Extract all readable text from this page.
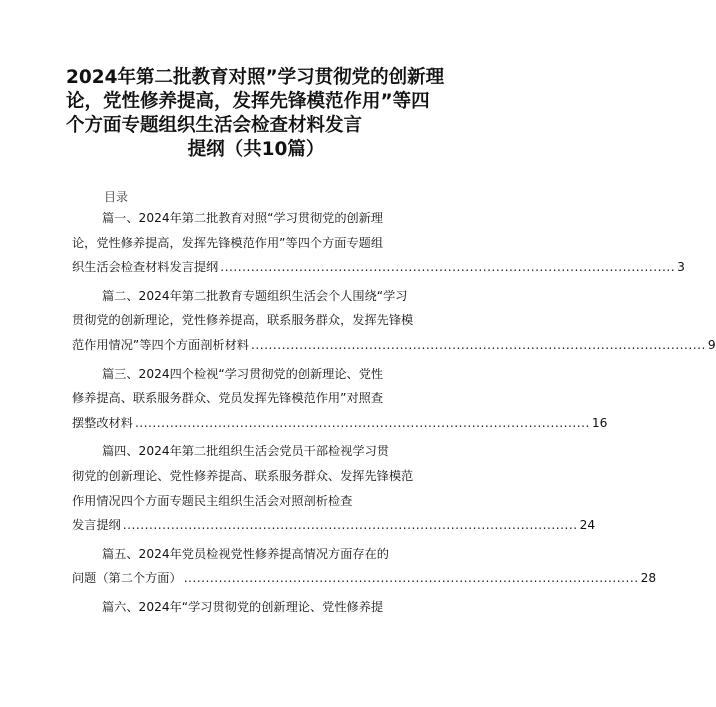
2024年第二批教育对照”学习贯彻党的创新理
论，党性修养提高，发挥先锋模范作用”等四
个方面专题组织生活会检查材料发言
提纲（共10篇）
目录
篇一、2024年第二批教育对照“学习贯彻党的创新理
论，党性修养提高，发挥先锋模范作用”等四个方面专题组
织生活会检查材料发言提纲 ........................................................................................................ 3
篇二、2024年第二批教育专题组织生活会个人围绕“学习
贯彻党的创新理论，党性修养提高，联系服务群众，发挥先锋模
范作用情况”等四个方面剖析材料 ........................................................................................................ 9
篇三、2024四个检视“学习贯彻党的创新理论、党性
修养提高、联系服务群众、党员发挥先锋模范作用”对照查
摆整改材料 ........................................................................................................ 16
篇四、2024年第二批组织生活会党员干部检视学习贯
彻党的创新理论、党性修养提高、联系服务群众、发挥先锋模范
作用情况四个方面专题民主组织生活会对照剖析检查
发言提纲 ........................................................................................................ 24
篇五、2024年党员检视党性修养提高情况方面存在的
问题（第二个方面） ........................................................................................................ 28
篇六、2024年“学习贯彻党的创新理论、党性修养提
